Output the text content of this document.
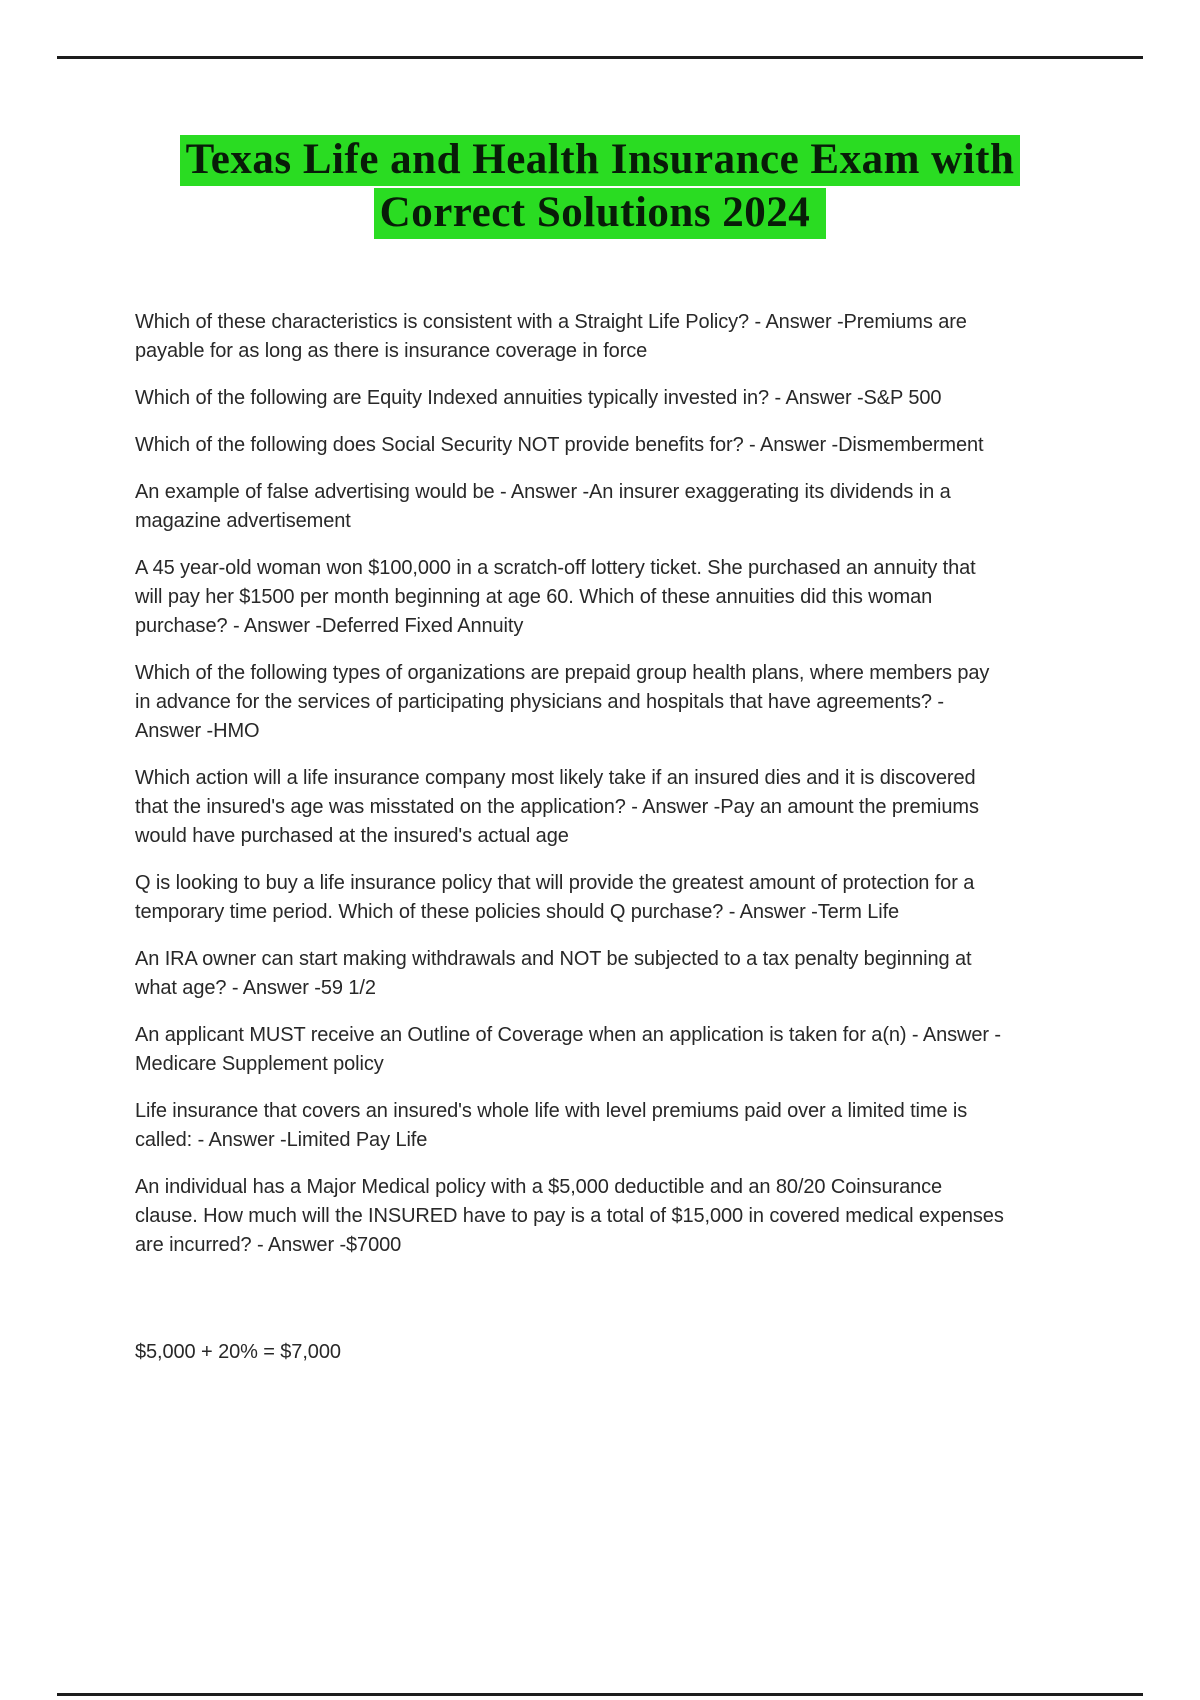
Texas Life and Health Insurance Exam with
Correct Solutions 2024

Which of these characteristics is consistent with a Straight Life Policy? - Answer -Premiums are payable for as long as there is insurance coverage in force

Which of the following are Equity Indexed annuities typically invested in? - Answer -S&P 500

Which of the following does Social Security NOT provide benefits for? - Answer -Dismemberment

An example of false advertising would be - Answer -An insurer exaggerating its dividends in a magazine advertisement

A 45 year-old woman won $100,000 in a scratch-off lottery ticket. She purchased an annuity that will pay her $1500 per month beginning at age 60. Which of these annuities did this woman purchase? - Answer -Deferred Fixed Annuity

Which of the following types of organizations are prepaid group health plans, where members pay in advance for the services of participating physicians and hospitals that have agreements? - Answer -HMO

Which action will a life insurance company most likely take if an insured dies and it is discovered that the insured's age was misstated on the application? - Answer -Pay an amount the premiums would have purchased at the insured's actual age

Q is looking to buy a life insurance policy that will provide the greatest amount of protection for a temporary time period. Which of these policies should Q purchase? - Answer -Term Life

An IRA owner can start making withdrawals and NOT be subjected to a tax penalty beginning at what age? - Answer -59 1/2

An applicant MUST receive an Outline of Coverage when an application is taken for a(n) - Answer -Medicare Supplement policy

Life insurance that covers an insured's whole life with level premiums paid over a limited time is called: - Answer -Limited Pay Life

An individual has a Major Medical policy with a $5,000 deductible and an 80/20 Coinsurance clause. How much will the INSURED have to pay is a total of $15,000 in covered medical expenses are incurred? - Answer -$7000

$5,000 + 20% = $7,000
